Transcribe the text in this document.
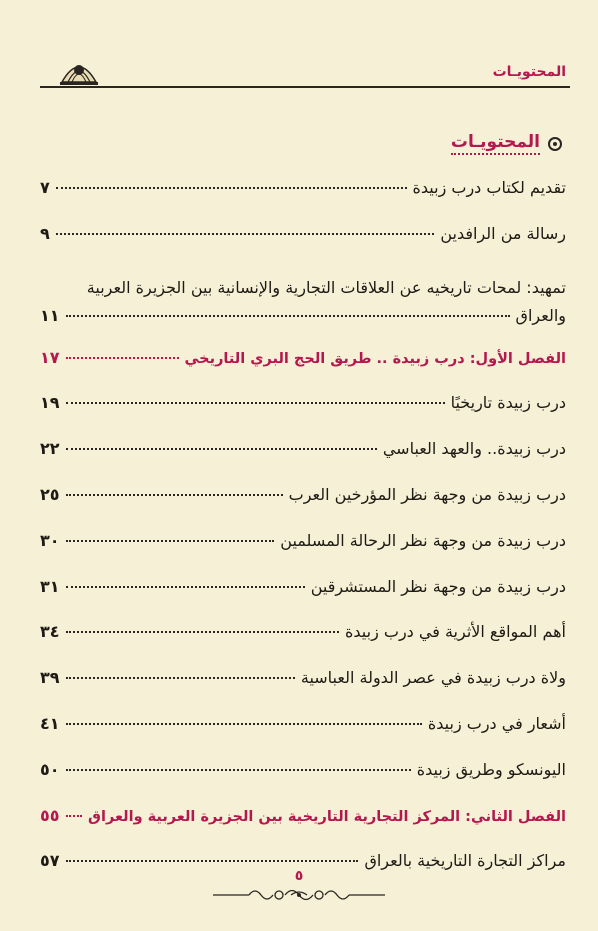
المحتويـات
المحتويـات
تقديم لكتاب درب زبيدة
٧
رسالة من الرافدين
٩
تمهيد: لمحات تاريخيه عن العلاقات التجارية والإنسانية بين الجزيرة العربية
والعراق
١١
الفصل الأول: درب زبيدة .. طريق الحج البري التاريخي
١٧
درب زبيدة تاريخيًا
١٩
درب زبيدة.. والعهد العباسي
٢٢
درب زبيدة من وجهة نظر المؤرخين العرب
٢٥
درب زبيدة من وجهة نظر الرحالة المسلمين
٣٠
درب زبيدة من وجهة نظر المستشرقين
٣١
أهم المواقع الأثرية في درب زبيدة
٣٤
ولاة درب زبيدة في عصر الدولة العباسية
٣٩
أشعار في درب زبيدة
٤١
اليونسكو وطريق زبيدة
٥٠
الفصل الثاني: المركز التجارية التاريخية بين الجزيرة العربية والعراق
٥٥
مراكز التجارة التاريخية بالعراق
٥٧
٥
